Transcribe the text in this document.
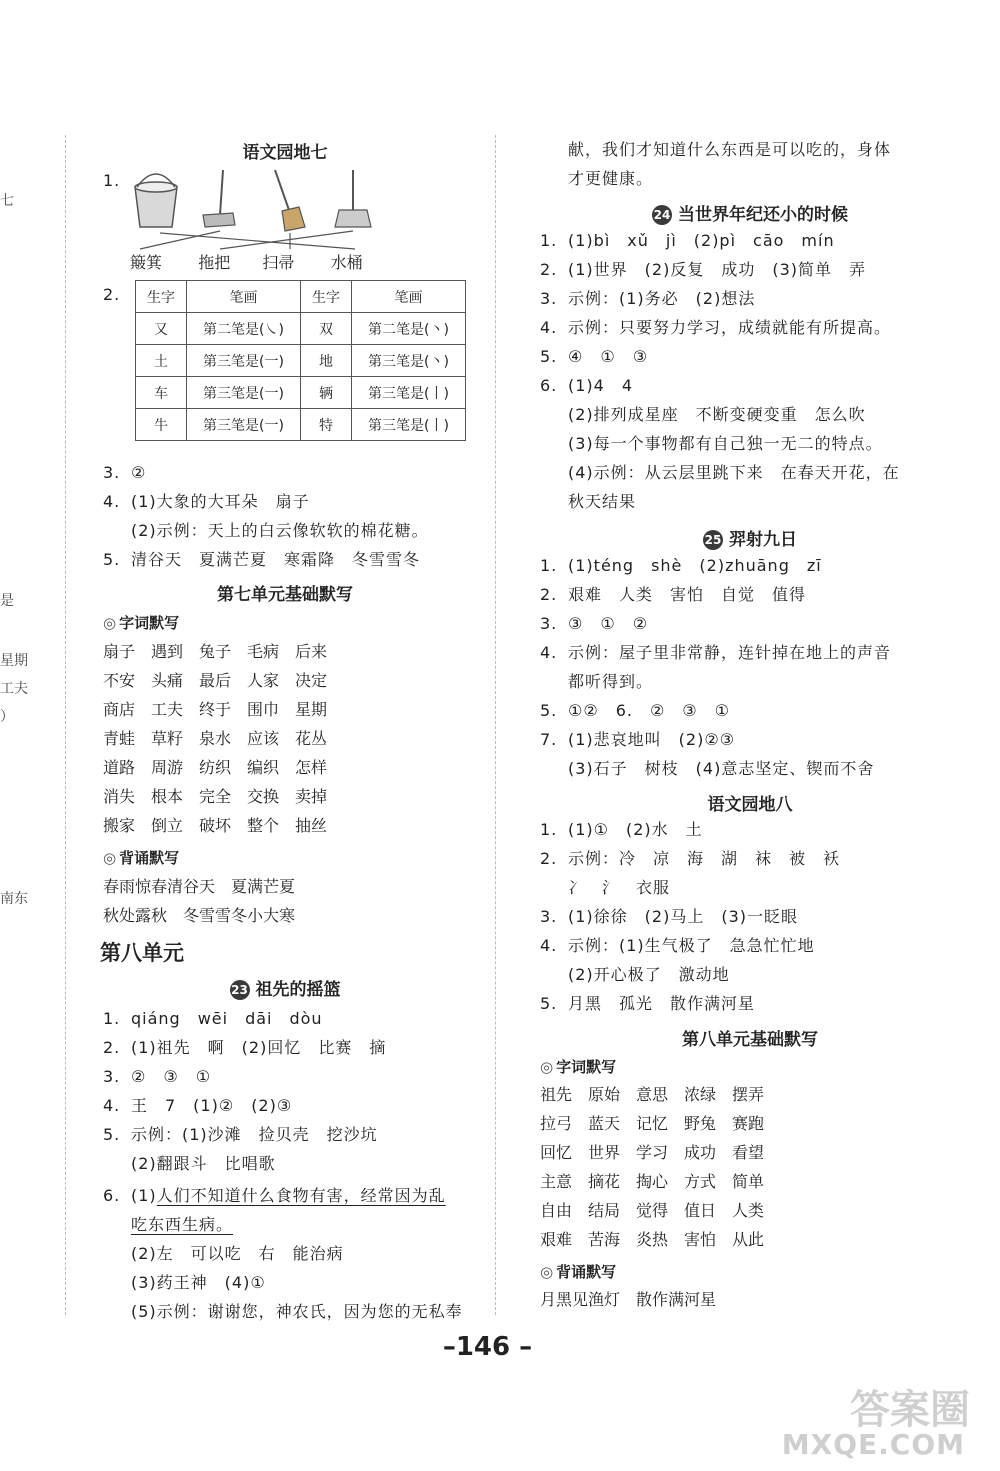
七
是
星期
工夫
）
南东
语文园地七
1.
簸箕 拖把 扫帚 水桶
2. 生字	笔画	生字	笔画
又	第二笔是(㇏)	双	第二笔是(丶)
土	第三笔是(一)	地	第三笔是(丶)
车	第三笔是(一)	辆	第三笔是(丨)
牛	第三笔是(一)	特	第三笔是(丨)
3. ②
4. (1)大象的大耳朵　扇子
(2)示例：天上的白云像软软的棉花糖。
5. 清谷天　夏满芒夏　寒霜降　冬雪雪冬
第七单元基础默写
◎ 字词默写
扇子　遇到　兔子　毛病　后来
不安　头痛　最后　人家　决定
商店　工夫　终于　围巾　星期
青蛙　草籽　泉水　应该　花丛
道路　周游　纺织　编织　怎样
消失　根本　完全　交换　卖掉
搬家　倒立　破坏　整个　抽丝
◎ 背诵默写
春雨惊春清谷天　夏满芒夏
秋处露秋　冬雪雪冬小大寒
第八单元
23 祖先的摇篮
1. qiáng　wēi　dāi　dòu
2. (1)祖先　啊　(2)回忆　比赛　摘
3. ②　③　①
4. 王　7　(1)②　(2)③
5. 示例：(1)沙滩　捡贝壳　挖沙坑
(2)翻跟斗　比唱歌
6. (1)人们不知道什么食物有害，经常因为乱
吃东西生病。
(2)左　可以吃　右　能治病
(3)药王神　(4)①
(5)示例：谢谢您，神农氏，因为您的无私奉
献，我们才知道什么东西是可以吃的，身体
才更健康。
24 当世界年纪还小的时候
1. (1)bì　xǔ　jì　(2)pì　cāo　mín
2. (1)世界　(2)反复　成功　(3)简单　弄
3. 示例：(1)务必　(2)想法
4. 示例：只要努力学习，成绩就能有所提高。
5. ④　①　③
6. (1)4　4
(2)排列成星座　不断变硬变重　怎么吹
(3)每一个事物都有自己独一无二的特点。
(4)示例：从云层里跳下来　在春天开花，在
秋天结果
25 羿射九日
1. (1)téng　shè　(2)zhuāng　zī
2. 艰难　人类　害怕　自觉　值得
3. ③　①　②
4. 示例：屋子里非常静，连针掉在地上的声音
都听得到。
5. ①②　6.　②　③　①
7. (1)悲哀地叫　(2)②③
(3)石子　树枝　(4)意志坚定、锲而不舍
语文园地八
1. (1)①　(2)水　土
2. 示例：冷　凉　海　湖　袜　被　袄
冫　氵　衣服
3. (1)徐徐　(2)马上　(3)一眨眼
4. 示例：(1)生气极了　急急忙忙地
(2)开心极了　激动地
5. 月黑　孤光　散作满河星
第八单元基础默写
◎ 字词默写
祖先　原始　意思　浓绿　摆弄
拉弓　蓝天　记忆　野兔　赛跑
回忆　世界　学习　成功　看望
主意　摘花　掏心　方式　简单
自由　结局　觉得　值日　人类
艰难　苦海　炎热　害怕　从此
◎ 背诵默写
月黑见渔灯　散作满河星
–146 –
答案圈
MXQE.COM
